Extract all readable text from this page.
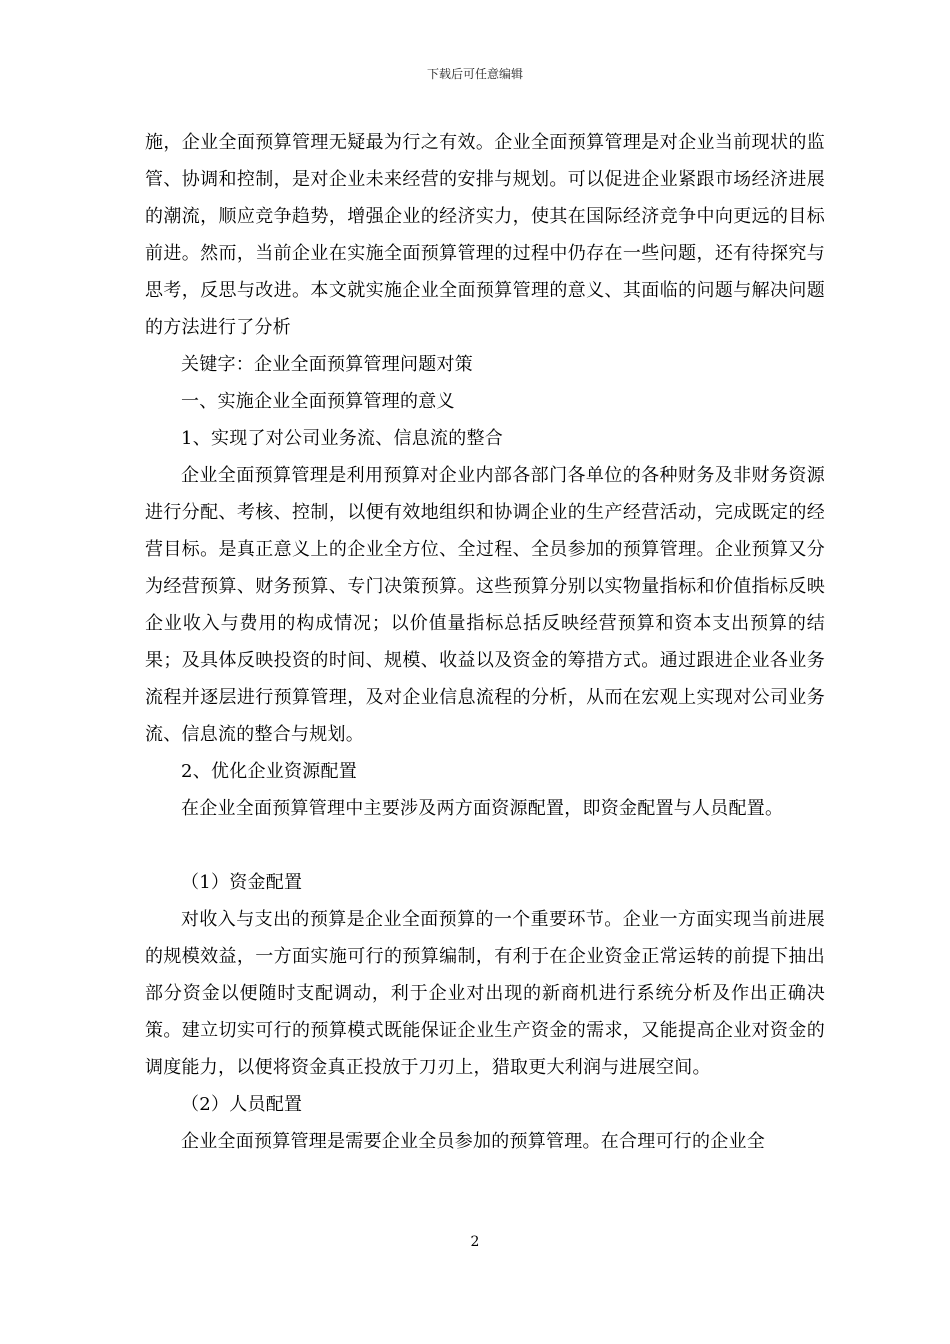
下载后可任意编辑

施，企业全面预算管理无疑最为行之有效。企业全面预算管理是对企业当前现状的监管、协调和控制，是对企业未来经营的安排与规划。可以促进企业紧跟市场经济进展的潮流，顺应竞争趋势，增强企业的经济实力，使其在国际经济竞争中向更远的目标前进。然而，当前企业在实施全面预算管理的过程中仍存在一些问题，还有待探究与思考，反思与改进。本文就实施企业全面预算管理的意义、其面临的问题与解决问题的方法进行了分析

关键字：企业全面预算管理问题对策

一、实施企业全面预算管理的意义

1、实现了对公司业务流、信息流的整合

企业全面预算管理是利用预算对企业内部各部门各单位的各种财务及非财务资源进行分配、考核、控制，以便有效地组织和协调企业的生产经营活动，完成既定的经营目标。是真正意义上的企业全方位、全过程、全员参加的预算管理。企业预算又分为经营预算、财务预算、专门决策预算。这些预算分别以实物量指标和价值指标反映企业收入与费用的构成情况；以价值量指标总括反映经营预算和资本支出预算的结果；及具体反映投资的时间、规模、收益以及资金的筹措方式。通过跟进企业各业务流程并逐层进行预算管理，及对企业信息流程的分析，从而在宏观上实现对公司业务流、信息流的整合与规划。

2、优化企业资源配置

在企业全面预算管理中主要涉及两方面资源配置，即资金配置与人员配置。

（1）资金配置

对收入与支出的预算是企业全面预算的一个重要环节。企业一方面实现当前进展的规模效益，一方面实施可行的预算编制，有利于在企业资金正常运转的前提下抽出部分资金以便随时支配调动，利于企业对出现的新商机进行系统分析及作出正确决策。建立切实可行的预算模式既能保证企业生产资金的需求，又能提高企业对资金的调度能力，以便将资金真正投放于刀刃上，猎取更大利润与进展空间。

（2）人员配置

企业全面预算管理是需要企业全员参加的预算管理。在合理可行的企业全

2
